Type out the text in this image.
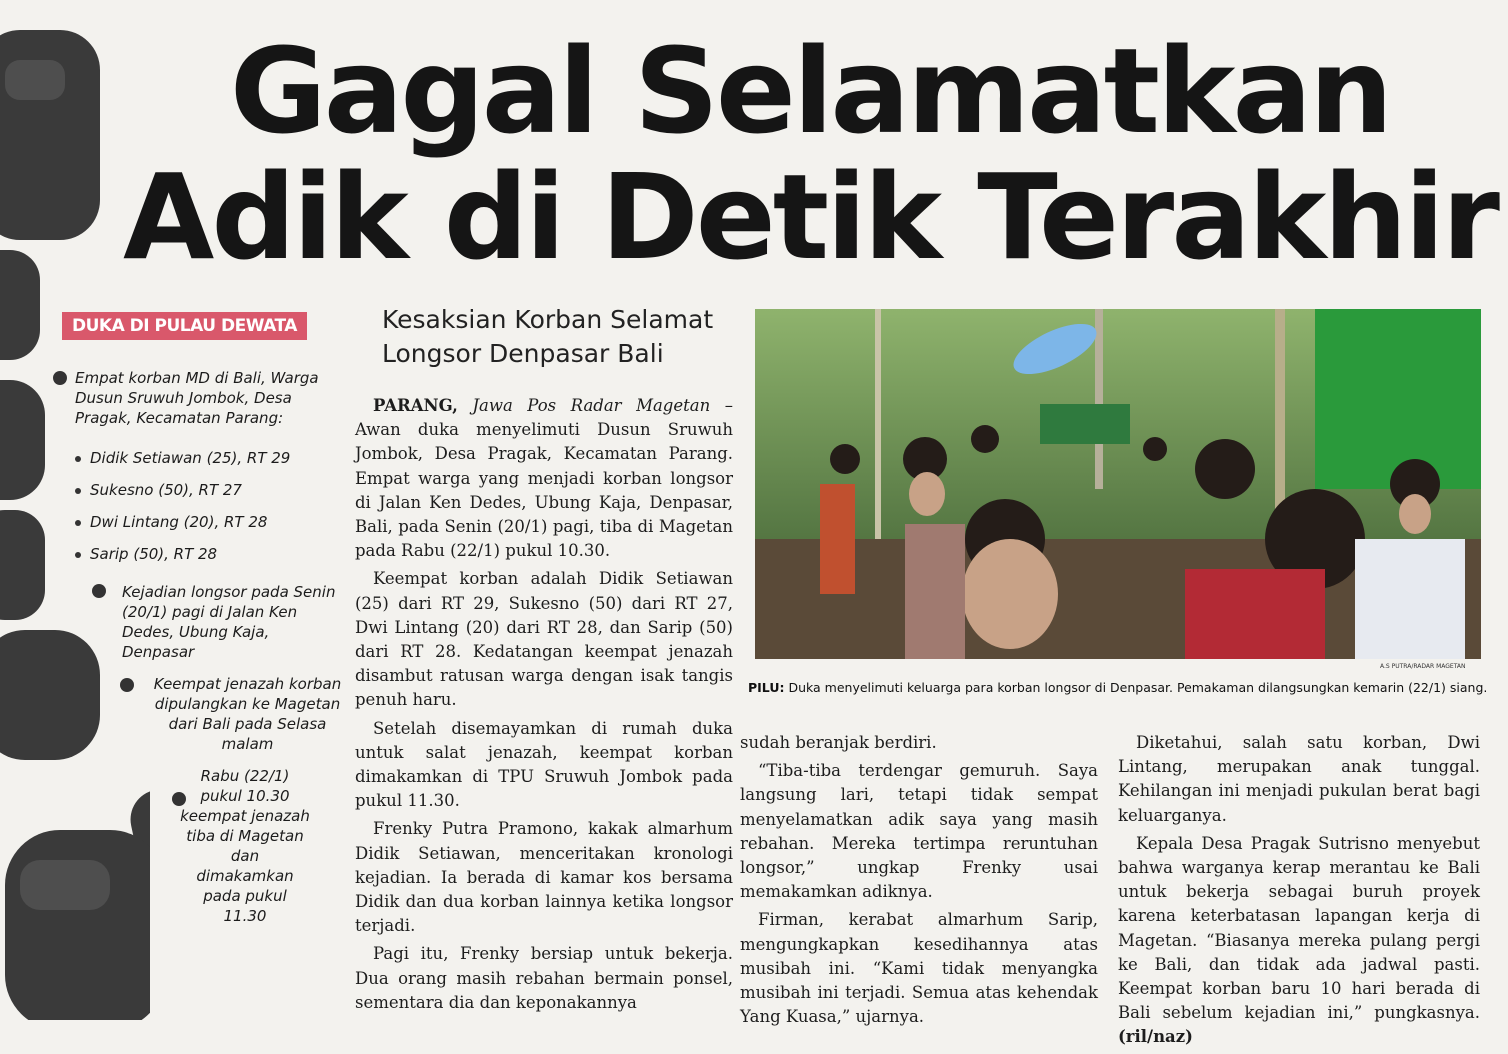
Gagal Selamatkan
Adik di Detik Terakhir
DUKA DI PULAU DEWATA
Empat korban MD di Bali, Warga Dusun Sruwuh Jombok, Desa Pragak, Kecamatan Parang:
Didik Setiawan (25), RT 29
Sukesno (50), RT 27
Dwi Lintang (20), RT 28
Sarip (50), RT 28
Kejadian longsor pada Senin (20/1) pagi di Jalan Ken Dedes, Ubung Kaja, Denpasar
Keempat jenazah korban dipulangkan ke Magetan dari Bali pada Selasa malam
Rabu (22/1) pukul 10.30 keempat jenazah tiba di Magetan dan dimakamkan pada pukul 11.30
Kesaksian Korban Selamat
Longsor Denpasar Bali

PARANG, Jawa Pos Radar Magetan – Awan duka menyelimuti Dusun Sruwuh Jombok, Desa Pragak, Kecamatan Parang. Empat warga yang menjadi korban longsor di Jalan Ken Dedes, Ubung Kaja, Denpasar, Bali, pada Senin (20/1) pagi, tiba di Magetan pada Rabu (22/1) pukul 10.30.

Keempat korban adalah Didik Setiawan (25) dari RT 29, Sukesno (50) dari RT 27, Dwi Lintang (20) dari RT 28, dan Sarip (50) dari RT 28. Kedatangan keempat jenazah disambut ratusan warga dengan isak tangis penuh haru.

Setelah disemayamkan di rumah duka untuk salat jenazah, keempat korban dimakamkan di TPU Sruwuh Jombok pada pukul 11.30.

Frenky Putra Pramono, kakak almarhum Didik Setiawan, menceritakan kronologi kejadian. Ia berada di kamar kos bersama Didik dan dua korban lainnya ketika longsor terjadi.

Pagi itu, Frenky bersiap untuk bekerja. Dua orang masih rebahan bermain ponsel, sementara dia dan keponakannya

A.S PUTRA/RADAR MAGETAN
PILU: Duka menyelimuti keluarga para korban longsor di Denpasar. Pemakaman dilangsungkan kemarin (22/1) siang.

sudah beranjak berdiri.

“Tiba-tiba terdengar gemuruh. Saya langsung lari, tetapi tidak sempat menyelamatkan adik saya yang masih rebahan. Mereka tertimpa reruntuhan longsor,” ungkap Frenky usai memakamkan adiknya.

Firman, kerabat almarhum Sarip, mengungkapkan kesedihannya atas musibah ini. “Kami tidak menyangka musibah ini terjadi. Semua atas kehendak Yang Kuasa,” ujarnya.

Diketahui, salah satu korban, Dwi Lintang, merupakan anak tunggal. Kehilangan ini menjadi pukulan berat bagi keluarganya.

Kepala Desa Pragak Sutrisno menyebut bahwa warganya kerap merantau ke Bali untuk bekerja sebagai buruh proyek karena keterbatasan lapangan kerja di Magetan. “Biasanya mereka pulang pergi ke Bali, dan tidak ada jadwal pasti. Keempat korban baru 10 hari berada di Bali sebelum kejadian ini,” pungkasnya. (ril/naz)
